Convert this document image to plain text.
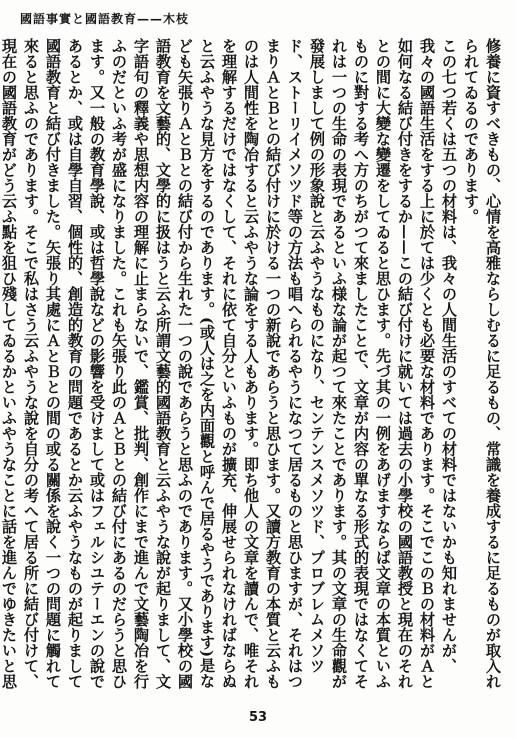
國語事實と國語教育——木枝

修養に資すべきもの、心情を高雅ならしむるに足るもの、常識を養成するに足るものが取入れられてゐるのであります。

この七つ若くは五つの材料は、我々の人間生活のすべての材料ではないかも知れませんが、我々の國語生活をする上に於ては少くとも必要な材料であります。そこでこのＢの材料がＡと如何なる結び付きをするか——この結び付けに就いては過去の小學校の國語教授と現在のそれとの間に大變な變遷をしてゐると思ひます。先づ其の一例をあげますならば文章の本質といふものに對する考へ方のちがつて來ましたことで、文章が内容の單なる形式的表現ではなくてそれは一つの生命の表現であるといふ様な論が起つて來たことであります。其の文章の生命觀が發展しまして例の形象說と云ふやうなものになり、センテンスメソツド、プロブレムメソツド、ストーリイメソツド等の方法も唱へられるやうになつて居るものと思ひますが、それはつまりＡとＢとの結び付けに於ける一つの新說であらうと思ひます。又讀方教育の本質と云ふものは人間性を陶冶すると云ふやうな論をする人もあります。即ち他人の文章を讀んで、唯それを理解するだけではなくして、それに依て自分といふものが擴充、伸展せられなければならぬと云ふやうな見方をするのであります。(或人は之を内面觀と呼んで居るやうであります)是なども矢張りＡとＢとの結び付から生れた一つの說であらうと思ふのであります。又小學校の國語教育を文藝的、文學的に扱はうと云ふ所謂文藝的國語教育と云ふやうな說が起りまして、文字語句の釋義や思想内容の理解に止まらないで、鑑賞、批判、創作にまで進んで文藝陶冶を行ふのだといふ考が盛になりました。これも矢張り此のＡとＢとの結び付にあるのだらうと思ひます。又一般の教育學說、或は哲學說などの影響を受けまして或はフェルシユテーエンの說であるとか、或は自學自習、個性的、創造的教育の問題であるとか云ふやうなものが起りまして國語教育と結び付きました。矢張り其處にＡとＢとの間の或る關係を說く一つの問題に觸れて來ると思ふのであります。そこで私はさう云ふやうな說を自分の考へて居る所に結び付けて、現在の國語教育がどう云ふ點を狙ひ殘してゐるかといふやうなことに話を進んでゆきたいと思

53
